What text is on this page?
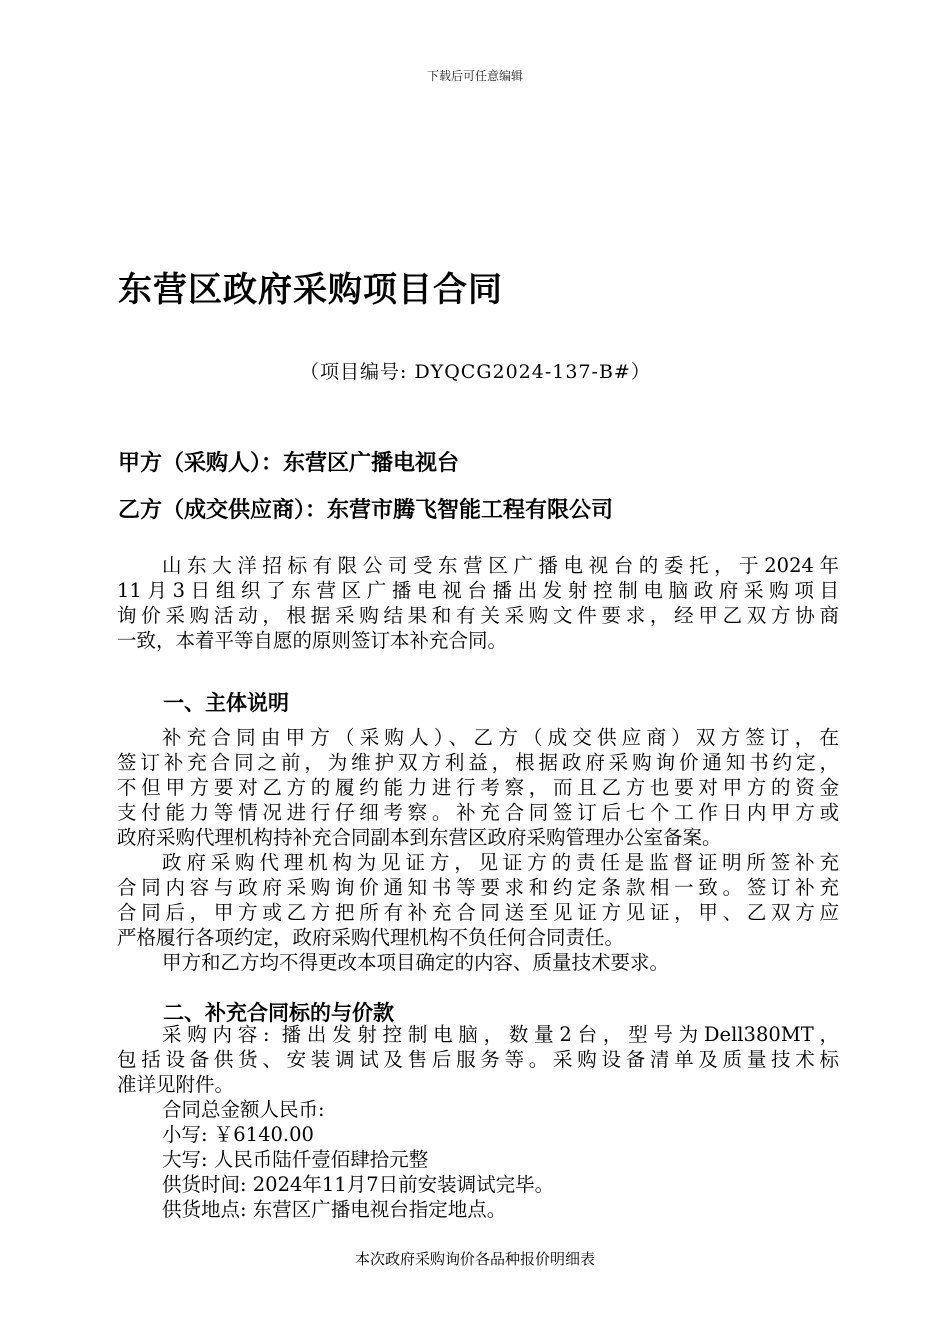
下载后可任意编辑
东营区政府采购项目合同
（项目编号: DYQCG2024-137-B#）
甲方（采购人）：东营区广播电视台
乙方（成交供应商）：东营市腾飞智能工程有限公司
山东大洋招标有限公司受东营区广播电视台的委托，于2024年
11月3日组织了东营区广播电视台播出发射控制电脑政府采购项目
询价采购活动，根据采购结果和有关采购文件要求，经甲乙双方协商
一致，本着平等自愿的原则签订本补充合同。
一、主体说明
补充合同由甲方（采购人）、乙方（成交供应商）双方签订，在
签订补充合同之前，为维护双方利益，根据政府采购询价通知书约定，
不但甲方要对乙方的履约能力进行考察，而且乙方也要对甲方的资金
支付能力等情况进行仔细考察。补充合同签订后七个工作日内甲方或
政府采购代理机构持补充合同副本到东营区政府采购管理办公室备案。
政府采购代理机构为见证方，见证方的责任是监督证明所签补充
合同内容与政府采购询价通知书等要求和约定条款相一致。签订补充
合同后，甲方或乙方把所有补充合同送至见证方见证，甲、乙双方应
严格履行各项约定，政府采购代理机构不负任何合同责任。
甲方和乙方均不得更改本项目确定的内容、质量技术要求。
二、补充合同标的与价款
采购内容: 播出发射控制电脑，数量2台，型号为Dell380MT，
包括设备供货、安装调试及售后服务等。采购设备清单及质量技术标
准详见附件。
合同总金额人民币:
小写: ￥6140.00
大写: 人民币陆仟壹佰肆拾元整
供货时间: 2024年11月7日前安装调试完毕。
供货地点: 东营区广播电视台指定地点。
本次政府采购询价各品种报价明细表
